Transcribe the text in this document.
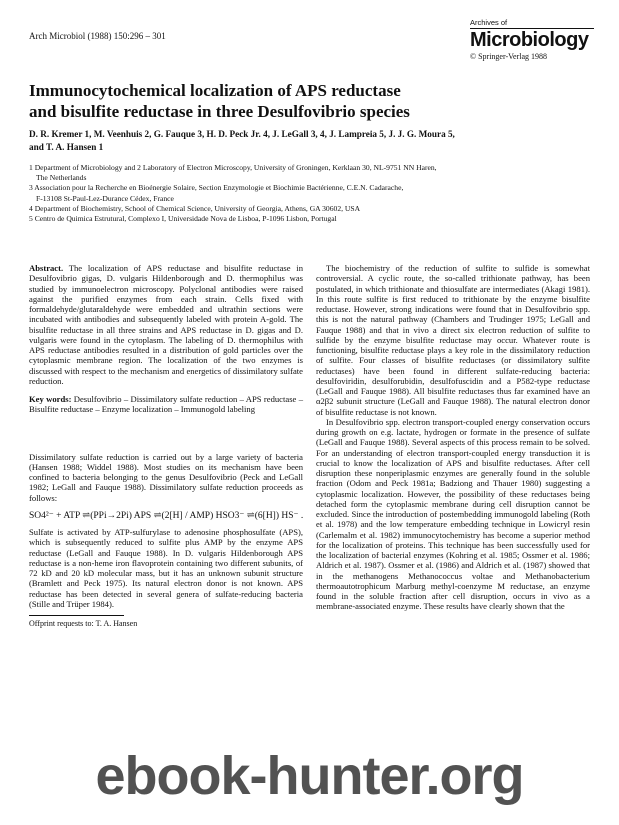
Arch Microbiol (1988) 150:296 – 301
Archives of
Microbiology
© Springer-Verlag 1988
Immunocytochemical localization of APS reductase
and bisulfite reductase in three Desulfovibrio species
D. R. Kremer 1, M. Veenhuis 2, G. Fauque 3, H. D. Peck Jr. 4, J. LeGall 3, 4, J. Lampreia 5, J. J. G. Moura 5,
and T. A. Hansen 1
1 Department of Microbiology and 2 Laboratory of Electron Microscopy, University of Groningen, Kerklaan 30, NL-9751 NN Haren,
The Netherlands
3 Association pour la Recherche en Bioénergie Solaire, Section Enzymologie et Biochimie Bactérienne, C.E.N. Cadarache,
F-13108 St-Paul-Lez-Durance Cédex, France
4 Department of Biochemistry, School of Chemical Science, University of Georgia, Athens, GA 30602, USA
5 Centro de Quimica Estrutural, Complexo I, Universidade Nova de Lisboa, P-1096 Lisbon, Portugal

Abstract. The localization of APS reductase and bisulfite reductase in Desulfovibrio gigas, D. vulgaris Hildenborough and D. thermophilus was studied by immunoelectron microscopy. Polyclonal antibodies were raised against the purified enzymes from each strain. Cells fixed with formaldehyde/glutaraldehyde were embedded and ultrathin sections were incubated with antibodies and subsequently labeled with protein A-gold. The bisulfite reductase in all three strains and APS reductase in D. gigas and D. vulgaris were found in the cytoplasm. The labeling of D. thermophilus with APS reductase antibodies resulted in a distribution of gold particles over the cytoplasmic membrane region. The localization of the two enzymes is discussed with respect to the mechanism and energetics of dissimilatory sulfate reduction.

Key words: Desulfovibrio – Dissimilatory sulfate reduction – APS reductase – Bisulfite reductase – Enzyme localization – Immunogold labeling

Dissimilatory sulfate reduction is carried out by a large variety of bacteria (Hansen 1988; Widdel 1988). Most studies on its mechanism have been confined to bacteria belonging to the genus Desulfovibrio (Peck and LeGall 1982; LeGall and Fauque 1988). Dissimilatory sulfate reduction proceeds as follows:

SO4²⁻ + ATP ⇌(PPi→2Pi) APS ⇌(2[H] / AMP) HSO3⁻ ⇌(6[H]) HS⁻ .

Sulfate is activated by ATP-sulfurylase to adenosine phosphosulfate (APS), which is subsequently reduced to sulfite plus AMP by the enzyme APS reductase (LeGall and Fauque 1988). In D. vulgaris Hildenborough APS reductase is a non-heme iron flavoprotein containing two different subunits, of 72 kD and 20 kD molecular mass, but it has an unknown subunit structure (Bramlett and Peck 1975). Its natural electron donor is not known. APS reductase has been detected in several genera of sulfate-reducing bacteria (Stille and Trüper 1984).

Offprint requests to: T. A. Hansen

The biochemistry of the reduction of sulfite to sulfide is somewhat controversial. A cyclic route, the so-called trithionate pathway, has been postulated, in which trithionate and thiosulfate are intermediates (Akagi 1981). In this route sulfite is first reduced to trithionate by the enzyme bisulfite reductase. However, strong indications were found that in Desulfovibrio spp. this is not the natural pathway (Chambers and Trudinger 1975; LeGall and Fauque 1988) and that in vivo a direct six electron reduction of sulfite to sulfide by the enzyme bisulfite reductase may occur. Whatever route is functioning, bisulfite reductase plays a key role in the dissimilatory reduction of sulfite. Four classes of bisulfite reductases (or dissimilatory sulfite reductases) have been found in different sulfate-reducing bacteria: desulfoviridin, desulforubidin, desulfofuscidin and a P582-type reductase (LeGall and Fauque 1988). All bisulfite reductases thus far examined have an α2β2 subunit structure (LeGall and Fauque 1988). The natural electron donor of bisulfite reductase is not known.

In Desulfovibrio spp. electron transport-coupled energy conservation occurs during growth on e.g. lactate, hydrogen or formate in the presence of sulfate (LeGall and Fauque 1988). Several aspects of this process remain to be solved. For an understanding of electron transport-coupled energy transduction it is crucial to know the localization of APS and bisulfite reductases. After cell disruption these nonperiplasmic enzymes are generally found in the soluble fraction (Odom and Peck 1981a; Badziong and Thauer 1980) suggesting a cytoplasmic localization. However, the possibility of these reductases being detached form the cytoplasmic membrane during cell disruption cannot be excluded. Since the introduction of postembedding immunogold labeling (Roth et al. 1978) and the low temperature embedding technique in Lowicryl resin (Carlemalm et al. 1982) immunocytochemistry has become a superior method for the localization of proteins. This technique has been successfully used for the localization of bacterial enzymes (Kohring et al. 1985; Ossmer et al. 1986; Aldrich et al. 1987). Ossmer et al. (1986) and Aldrich et al. (1987) showed that in the methanogens Methanococcus voltae and Methanobacterium thermoautotrophicum Marburg methyl-coenzyme M reductase, an enzyme found in the soluble fraction after cell disruption, occurs in vivo as a membrane-associated enzyme. These results have clearly shown that the

ebook-hunter.org
